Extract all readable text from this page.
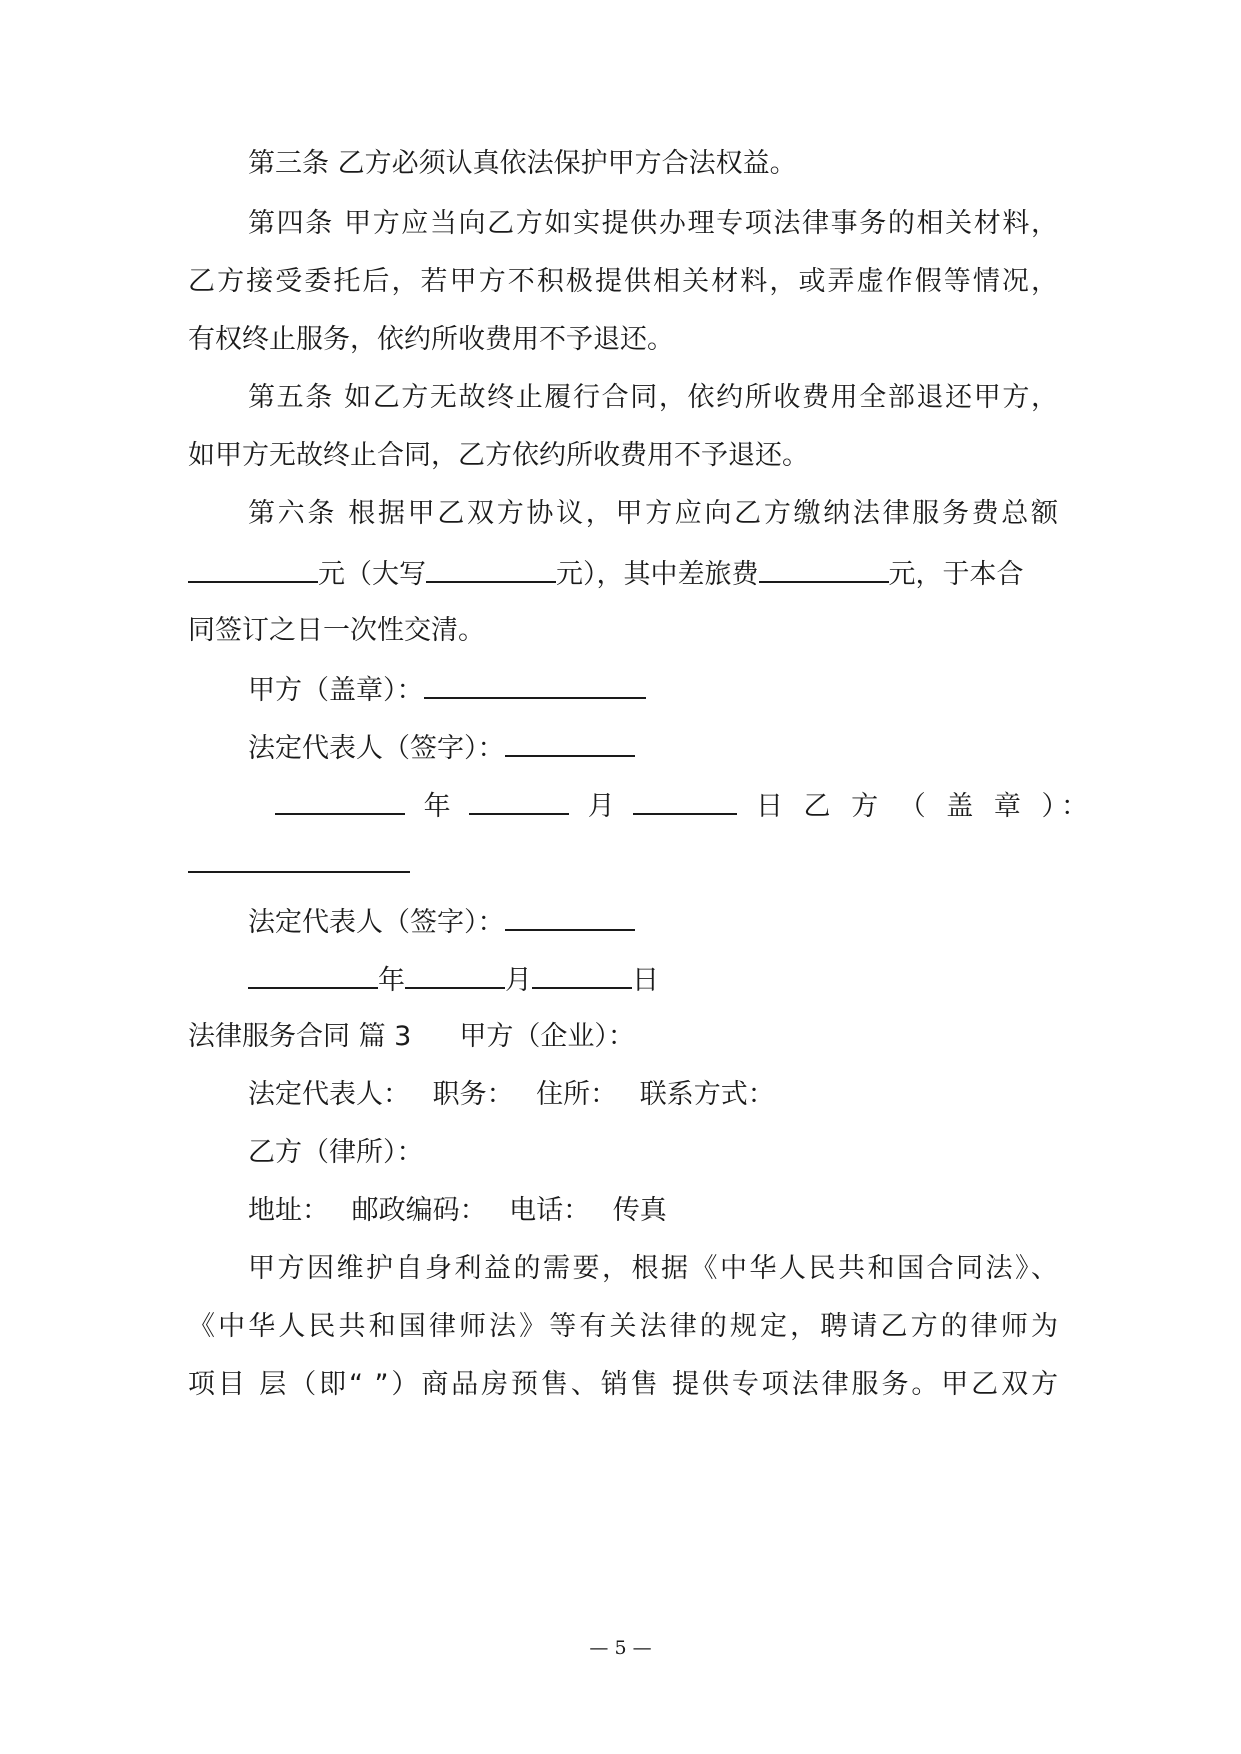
第三条 乙方必须认真依法保护甲方合法权益。
第四条 甲方应当向乙方如实提供办理专项法律事务的相关材料，
乙方接受委托后，若甲方不积极提供相关材料，或弄虚作假等情况，
有权终止服务，依约所收费用不予退还。
第五条 如乙方无故终止履行合同，依约所收费用全部退还甲方，
如甲方无故终止合同，乙方依约所收费用不予退还。
第六条 根据甲乙双方协议，甲方应向乙方缴纳法律服务费总额
元（大写	元），其中差旅费	元，于本合
同签订之日一次性交清。
甲方（盖章）：
法定代表人（签字）：
年	月	日 乙 方 （ 盖 章 ）：
法定代表人（签字）：
年	月	日
法律服务合同 篇 3 甲方（企业）：
法定代表人： 职务： 住所： 联系方式：
乙方（律所）：
地址： 邮政编码： 电话： 传真
甲方因维护自身利益的需要，根据《中华人民共和国合同法》、
《中华人民共和国律师法》等有关法律的规定，聘请乙方的律师为
项目 层（即“ ”）商品房预售、销售 提供专项法律服务。甲乙双方
— 5 —
